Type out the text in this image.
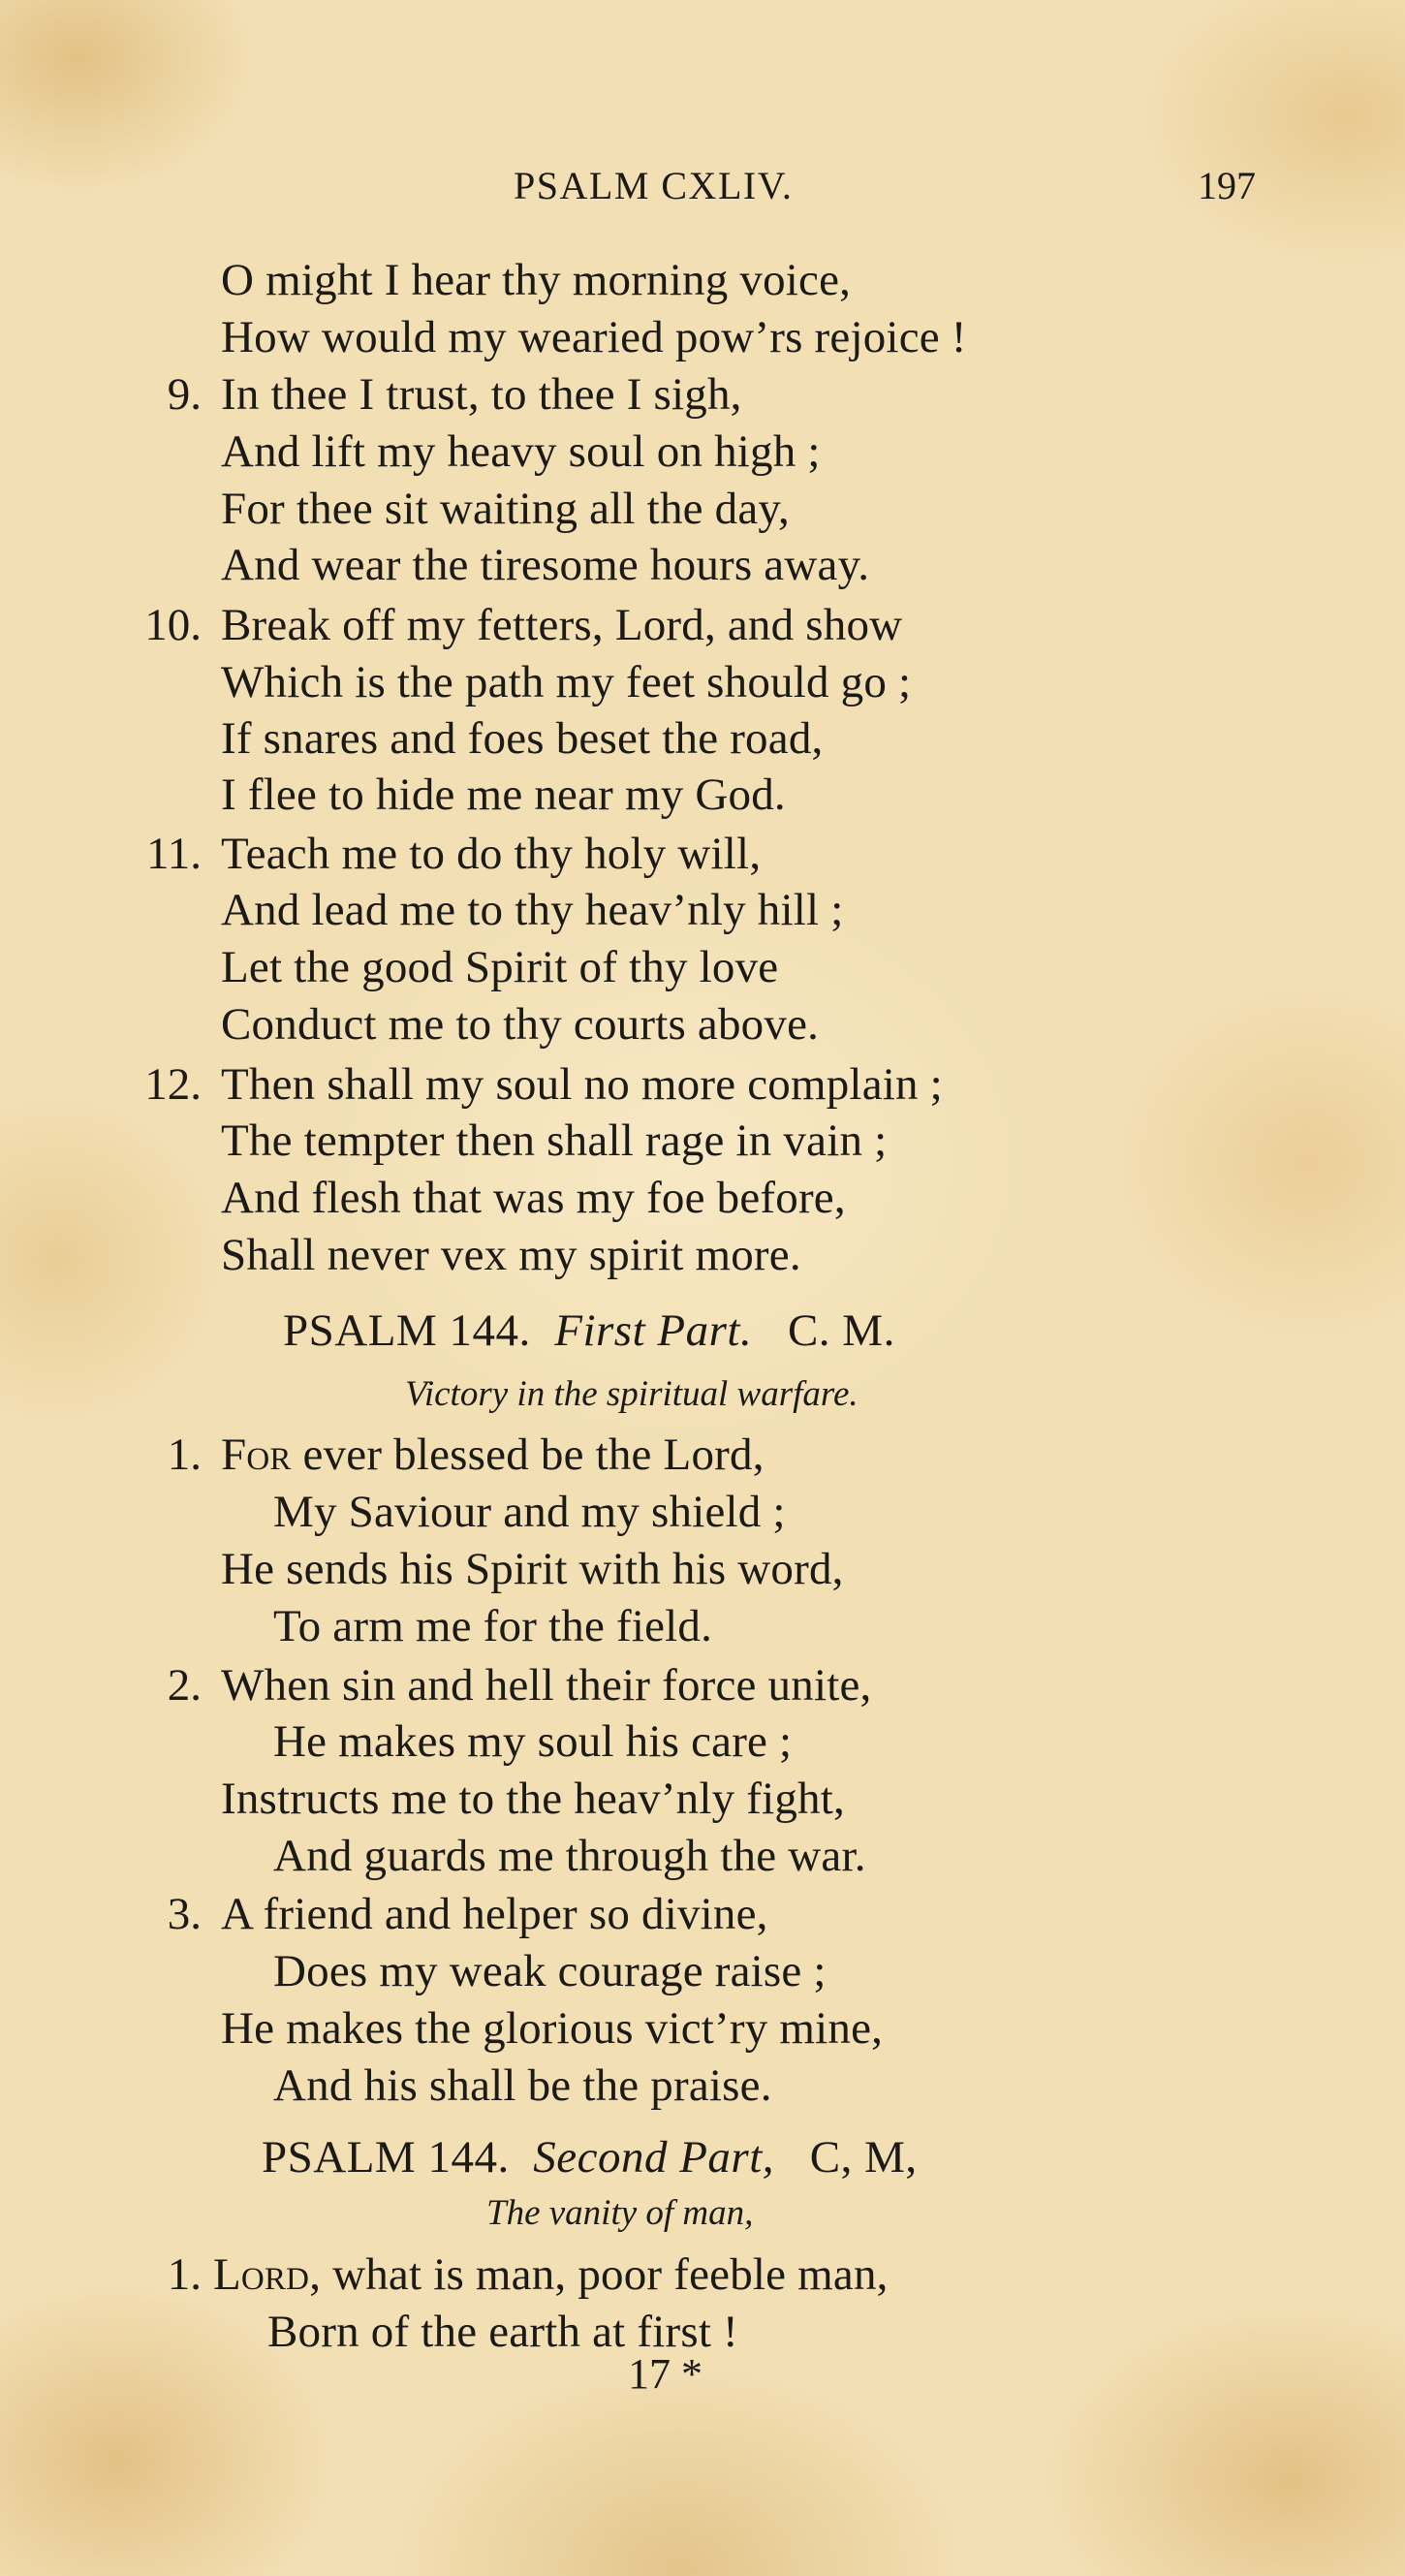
PSALM CXLIV.	197
O might I hear thy morning voice,
How would my wearied pow’rs rejoice !
9. In thee I trust, to thee I sigh,
And lift my heavy soul on high ;
For thee sit waiting all the day,
And wear the tiresome hours away.
10. Break off my fetters, Lord, and show
Which is the path my feet should go ;
If snares and foes beset the road,
I flee to hide me near my God.
11. Teach me to do thy holy will,
And lead me to thy heav’nly hill ;
Let the good Spirit of thy love
Conduct me to thy courts above.
12. Then shall my soul no more complain ;
The tempter then shall rage in vain ;
And flesh that was my foe before,
Shall never vex my spirit more.
PSALM 144. First Part. C. M.
Victory in the spiritual warfare.
1. For ever blessed be the Lord,
My Saviour and my shield ;
He sends his Spirit with his word,
To arm me for the field.
2. When sin and hell their force unite,
He makes my soul his care ;
Instructs me to the heav’nly fight,
And guards me through the war.
3. A friend and helper so divine,
Does my weak courage raise ;
He makes the glorious vict’ry mine,
And his shall be the praise.
PSALM 144. Second Part, C, M,
The vanity of man,
1. Lord, what is man, poor feeble man,
Born of the earth at first !
17 *
